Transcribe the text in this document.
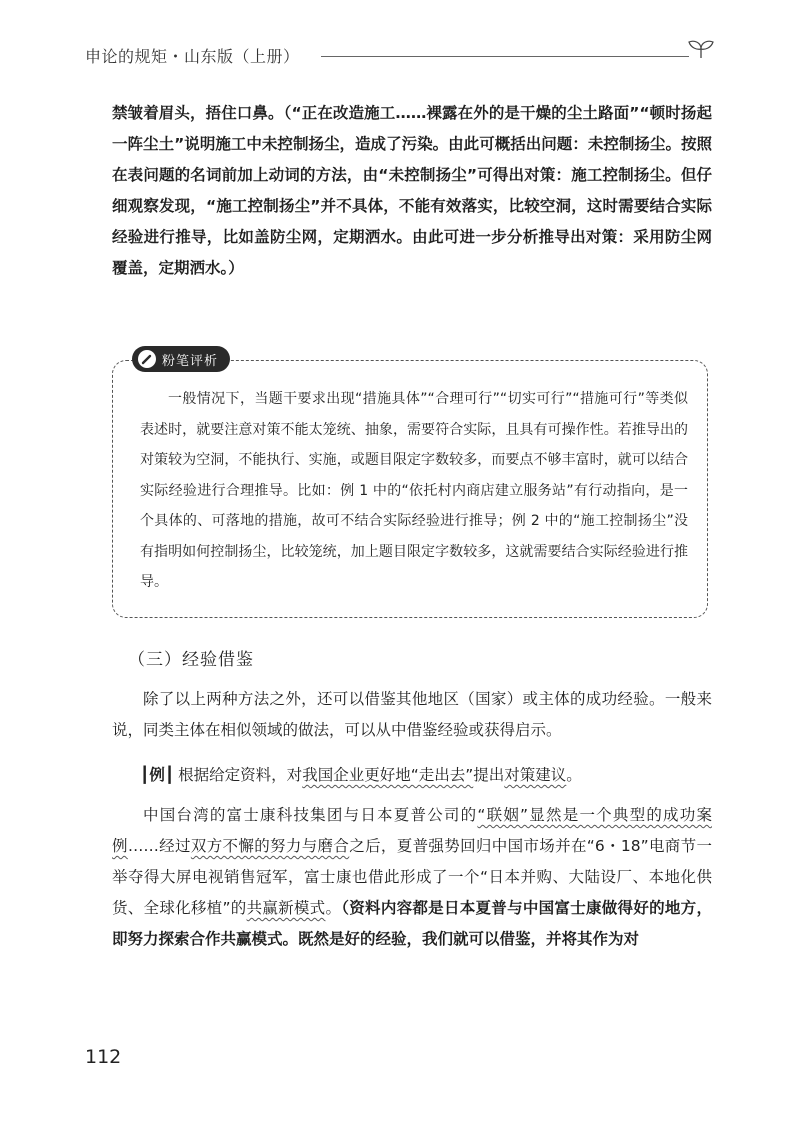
申论的规矩・山东版（上册）

禁皱着眉头，捂住口鼻。（“正在改造施工……裸露在外的是干燥的尘土路面”“顿时扬起一阵尘土”说明施工中未控制扬尘，造成了污染。由此可概括出问题：未控制扬尘。按照在表问题的名词前加上动词的方法，由“未控制扬尘”可得出对策：施工控制扬尘。但仔细观察发现，“施工控制扬尘”并不具体，不能有效落实，比较空洞，这时需要结合实际经验进行推导，比如盖防尘网，定期洒水。由此可进一步分析推导出对策：采用防尘网覆盖，定期洒水。）

粉笔评析

一般情况下，当题干要求出现“措施具体”“合理可行”“切实可行”“措施可行”等类似表述时，就要注意对策不能太笼统、抽象，需要符合实际，且具有可操作性。若推导出的对策较为空洞，不能执行、实施，或题目限定字数较多，而要点不够丰富时，就可以结合实际经验进行合理推导。比如：例 1 中的“依托村内商店建立服务站”有行动指向，是一个具体的、可落地的措施，故可不结合实际经验进行推导；例 2 中的“施工控制扬尘”没有指明如何控制扬尘，比较笼统，加上题目限定字数较多，这就需要结合实际经验进行推导。

（三）经验借鉴

除了以上两种方法之外，还可以借鉴其他地区（国家）或主体的成功经验。一般来说，同类主体在相似领域的做法，可以从中借鉴经验或获得启示。

┃例┃ 根据给定资料，对我国企业更好地“走出去”提出对策建议。

中国台湾的富士康科技集团与日本夏普公司的“联姻”显然是一个典型的成功案例……经过双方不懈的努力与磨合之后，夏普强势回归中国市场并在“6・18”电商节一举夺得大屏电视销售冠军，富士康也借此形成了一个“日本并购、大陆设厂、本地化供货、全球化移植”的共赢新模式。（资料内容都是日本夏普与中国富士康做得好的地方，即努力探索合作共赢模式。既然是好的经验，我们就可以借鉴，并将其作为对

112
